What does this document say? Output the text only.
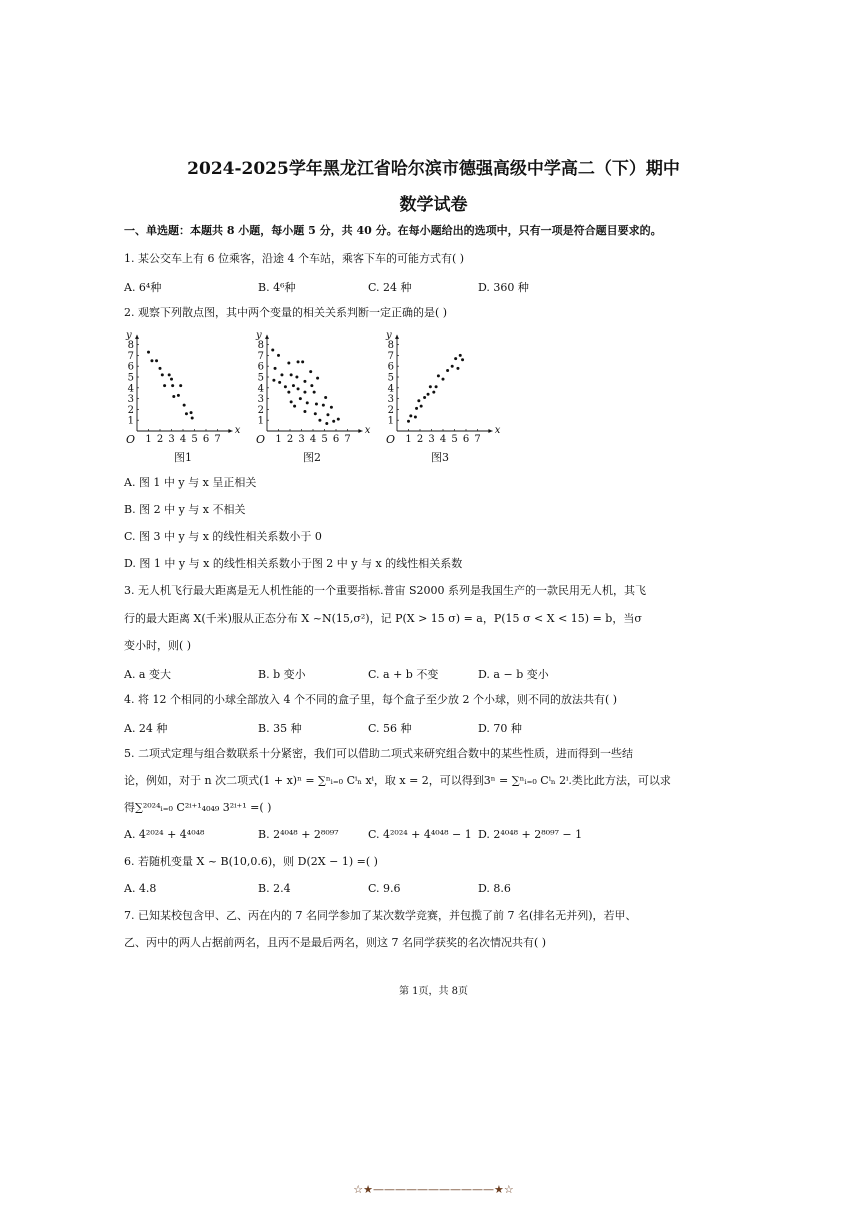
2024-2025学年黑龙江省哈尔滨市德强高级中学高二（下）期中
数学试卷
一、单选题：本题共 8 小题，每小题 5 分，共 40 分。在每小题给出的选项中，只有一项是符合题目要求的。
1. 某公交车上有 6 位乘客，沿途 4 个车站，乘客下车的可能方式有( )
A. 6⁴种	B. 4⁶种	C. 24 种	D. 360 种
2. 观察下列散点图，其中两个变量的相关关系判断一定正确的是( )
1 2 3 4 5 6 7
1
2
3
4
5
6
7
8
O
x
y
1 2 3 4 5 6 7
1
2
3
4
5
6
7
8
O
x
y
1 2 3 4 5 6 7
1
2
3
4
5
6
7
8
O
x
y
图1	图2	图3
A. 图 1 中 y 与 x 呈正相关
B. 图 2 中 y 与 x 不相关
C. 图 3 中 y 与 x 的线性相关系数小于 0
D. 图 1 中 y 与 x 的线性相关系数小于图 2 中 y 与 x 的线性相关系数
3. 无人机飞行最大距离是无人机性能的一个重要指标.普宙 S2000 系列是我国生产的一款民用无人机，其飞
行的最大距离 X(千米)服从正态分布 X ~N(15,σ²)，记 P(X > 15 σ) = a，P(15 σ < X < 15) = b，当σ
变小时，则( )
A. a 变大	B. b 变小	C. a + b 不变	D. a − b 变小
4. 将 12 个相同的小球全部放入 4 个不同的盒子里，每个盒子至少放 2 个小球，则不同的放法共有( )
A. 24 种	B. 35 种	C. 56 种	D. 70 种
5. 二项式定理与组合数联系十分紧密，我们可以借助二项式来研究组合数中的某些性质，进而得到一些结
论，例如，对于 n 次二项式(1 + x)ⁿ = ∑ⁿᵢ₌₀ Cⁱₙ xⁱ，取 x = 2，可以得到3ⁿ = ∑ⁿᵢ₌₀ Cⁱₙ 2ⁱ.类比此方法，可以求
得∑²⁰²⁴ᵢ₌₀ C²ⁱ⁺¹₄₀₄₉ 3²ⁱ⁺¹ =( )
A. 4²⁰²⁴ + 4⁴⁰⁴⁸	B. 2⁴⁰⁴⁸ + 2⁸⁰⁹⁷	C. 4²⁰²⁴ + 4⁴⁰⁴⁸ − 1 D. 2⁴⁰⁴⁸ + 2⁸⁰⁹⁷ − 1
6. 若随机变量 X ~ B(10,0.6)，则 D(2X − 1) =( )
A. 4.8	B. 2.4	C. 9.6	D. 8.6
7. 已知某校包含甲、乙、丙在内的 7 名同学参加了某次数学竞赛，并包揽了前 7 名(排名无并列)，若甲、
乙、丙中的两人占据前两名，且丙不是最后两名，则这 7 名同学获奖的名次情况共有( )
第 1页，共 8页
☆★———————————★☆
